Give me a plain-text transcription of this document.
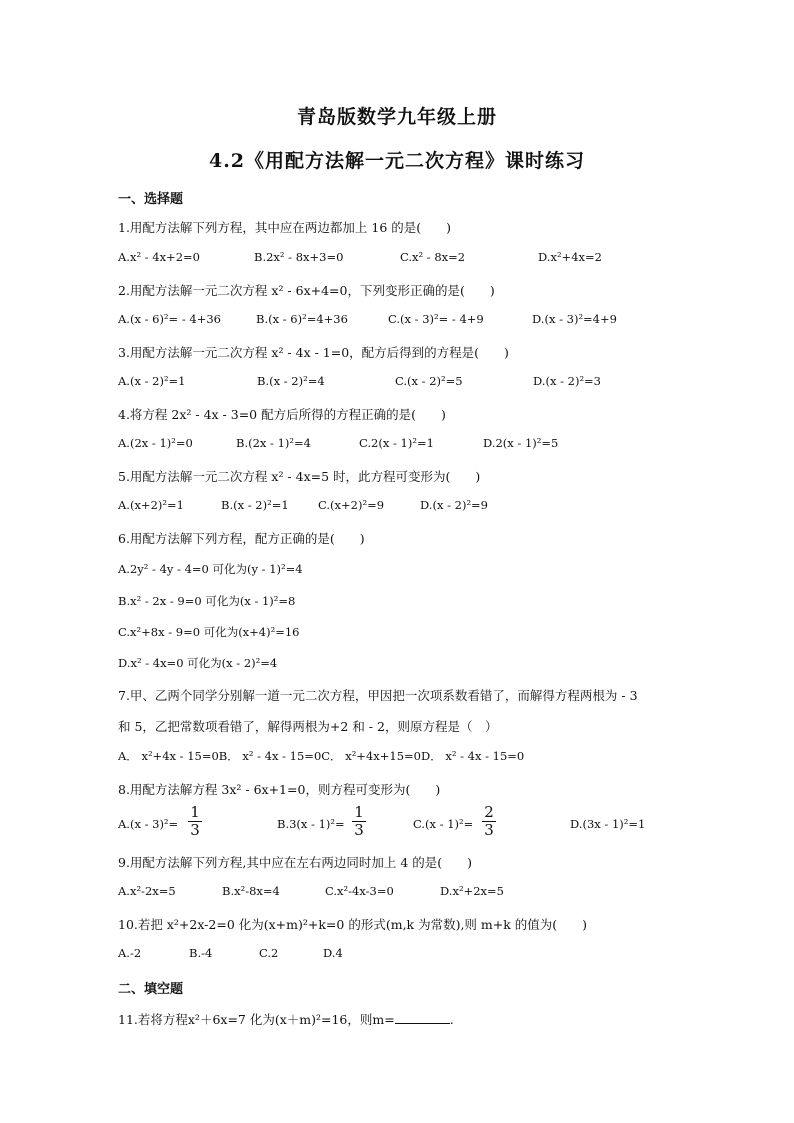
青岛版数学九年级上册
4.2《用配方法解一元二次方程》课时练习
一、选择题
1.用配方法解下列方程，其中应在两边都加上 16 的是(　　)
A.x² - 4x+2=0	B.2x² - 8x+3=0	C.x² - 8x=2	D.x²+4x=2
2.用配方法解一元二次方程 x² - 6x+4=0，下列变形正确的是(　　)
A.(x - 6)²= - 4+36	B.(x - 6)²=4+36	C.(x - 3)²= - 4+9	D.(x - 3)²=4+9
3.用配方法解一元二次方程 x² - 4x - 1=0，配方后得到的方程是(　　)
A.(x - 2)²=1	B.(x - 2)²=4	C.(x - 2)²=5	D.(x - 2)²=3
4.将方程 2x² - 4x - 3=0 配方后所得的方程正确的是(　　)
A.(2x - 1)²=0	B.(2x - 1)²=4	C.2(x - 1)²=1	D.2(x - 1)²=5
5.用配方法解一元二次方程 x² - 4x=5 时，此方程可变形为(　　)
A.(x+2)²=1	B.(x - 2)²=1	C.(x+2)²=9	D.(x - 2)²=9
6.用配方法解下列方程，配方正确的是(　　)
A.2y² - 4y - 4=0 可化为(y - 1)²=4
B.x² - 2x - 9=0 可化为(x - 1)²=8
C.x²+8x - 9=0 可化为(x+4)²=16
D.x² - 4x=0 可化为(x - 2)²=4
7.甲、乙两个同学分别解一道一元二次方程，甲因把一次项系数看错了，而解得方程两根为 - 3
和 5，乙把常数项看错了，解得两根为+2 和 - 2，则原方程是（　）
A． x²+4x - 15=0B． x² - 4x - 15=0C． x²+4x+15=0D． x² - 4x - 15=0
8.用配方法解方程 3x² - 6x+1=0，则方程可变形为(　　)
A.(x - 3)²=
1
3	B.3(x - 1)²=
1
3	C.(x - 1)²=
2
3	D.(3x - 1)²=1
9.用配方法解下列方程,其中应在左右两边同时加上 4 的是(　　)
A.x²-2x=5	B.x²-8x=4	C.x²-4x-3=0	D.x²+2x=5
10.若把 x²+2x-2=0 化为(x+m)²+k=0 的形式(m,k 为常数),则 m+k 的值为(　　)
A.-2	B.-4	C.2	D.4
二、填空题
11.若将方程x²＋6x=7 化为(x＋m)²=16，则m=	.
